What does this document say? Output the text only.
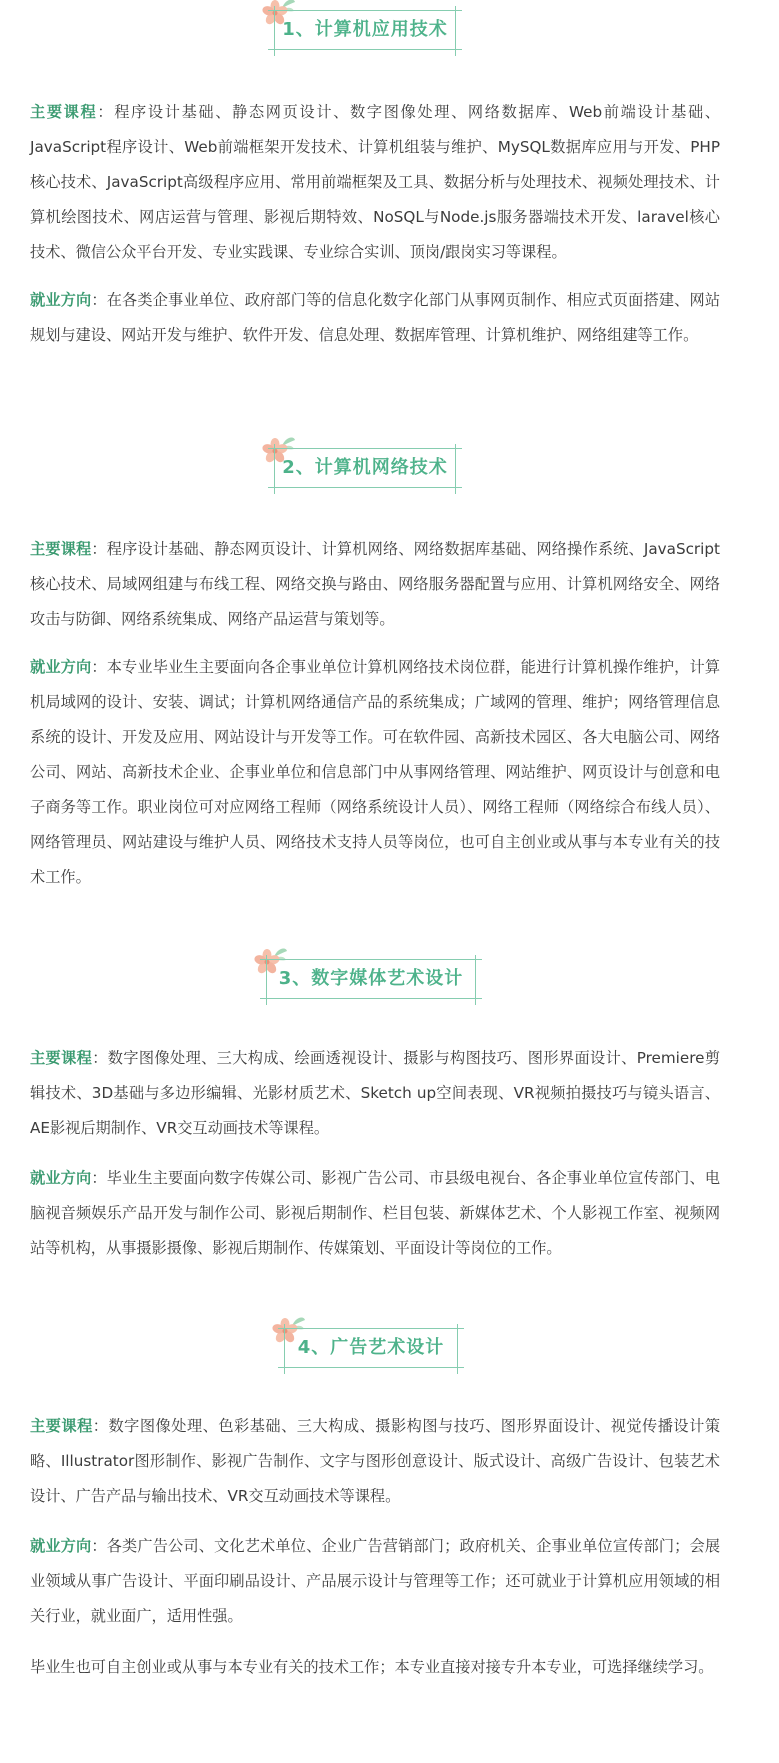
1、计算机应用技术

主要课程：程序设计基础、静态网页设计、数字图像处理、网络数据库、Web前端设计基础、JavaScript程序设计、Web前端框架开发技术、计算机组装与维护、MySQL数据库应用与开发、PHP核心技术、JavaScript高级程序应用、常用前端框架及工具、数据分析与处理技术、视频处理技术、计算机绘图技术、网店运营与管理、影视后期特效、NoSQL与Node.js服务器端技术开发、laravel核心技术、微信公众平台开发、专业实践课、专业综合实训、顶岗/跟岗实习等课程。

就业方向：在各类企事业单位、政府部门等的信息化数字化部门从事网页制作、相应式页面搭建、网站规划与建设、网站开发与维护、软件开发、信息处理、数据库管理、计算机维护、网络组建等工作。

2、计算机网络技术

主要课程：程序设计基础、静态网页设计、计算机网络、网络数据库基础、网络操作系统、JavaScript核心技术、局域网组建与布线工程、网络交换与路由、网络服务器配置与应用、计算机网络安全、网络攻击与防御、网络系统集成、网络产品运营与策划等。

就业方向：本专业毕业生主要面向各企事业单位计算机网络技术岗位群，能进行计算机操作维护，计算机局域网的设计、安装、调试；计算机网络通信产品的系统集成；广域网的管理、维护；网络管理信息系统的设计、开发及应用、网站设计与开发等工作。可在软件园、高新技术园区、各大电脑公司、网络公司、网站、高新技术企业、企事业单位和信息部门中从事网络管理、网站维护、网页设计与创意和电子商务等工作。职业岗位可对应网络工程师（网络系统设计人员）、网络工程师（网络综合布线人员）、网络管理员、网站建设与维护人员、网络技术支持人员等岗位，也可自主创业或从事与本专业有关的技术工作。

3、数字媒体艺术设计

主要课程：数字图像处理、三大构成、绘画透视设计、摄影与构图技巧、图形界面设计、Premiere剪辑技术、3D基础与多边形编辑、光影材质艺术、Sketch up空间表现、VR视频拍摄技巧与镜头语言、AE影视后期制作、VR交互动画技术等课程。

就业方向：毕业生主要面向数字传媒公司、影视广告公司、市县级电视台、各企事业单位宣传部门、电脑视音频娱乐产品开发与制作公司、影视后期制作、栏目包装、新媒体艺术、个人影视工作室、视频网站等机构，从事摄影摄像、影视后期制作、传媒策划、平面设计等岗位的工作。

4、广告艺术设计

主要课程：数字图像处理、色彩基础、三大构成、摄影构图与技巧、图形界面设计、视觉传播设计策略、Illustrator图形制作、影视广告制作、文字与图形创意设计、版式设计、高级广告设计、包装艺术设计、广告产品与输出技术、VR交互动画技术等课程。

就业方向：各类广告公司、文化艺术单位、企业广告营销部门；政府机关、企事业单位宣传部门；会展业领域从事广告设计、平面印刷品设计、产品展示设计与管理等工作；还可就业于计算机应用领域的相关行业，就业面广，适用性强。

毕业生也可自主创业或从事与本专业有关的技术工作；本专业直接对接专升本专业，可选择继续学习。
